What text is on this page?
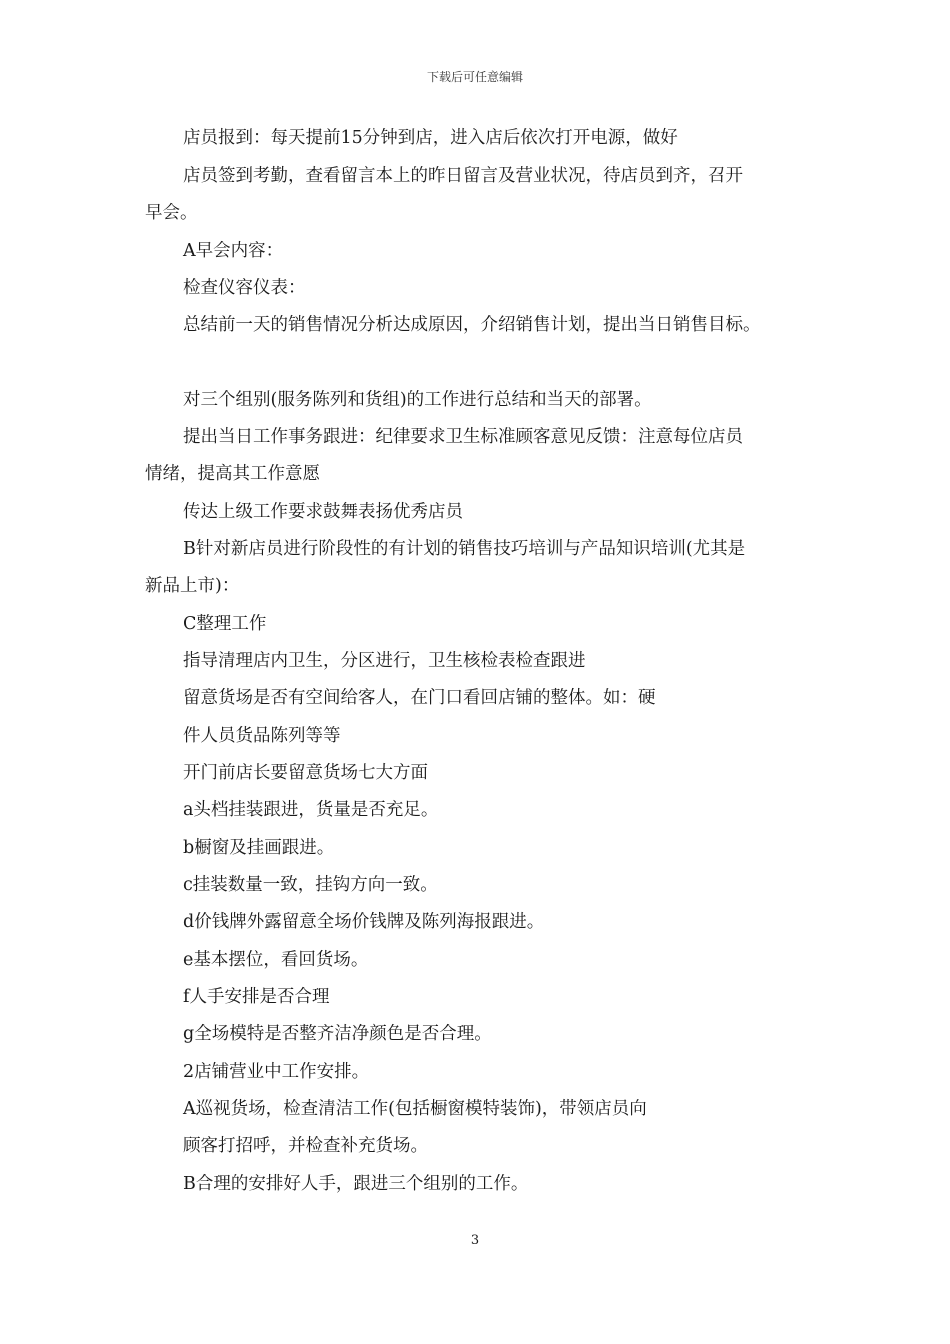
下载后可任意编辑
店员报到：每天提前15分钟到店，进入店后依次打开电源，做好
店员签到考勤，查看留言本上的昨日留言及营业状况，待店员到齐，召开
早会。
A早会内容：
检查仪容仪表：
总结前一天的销售情况分析达成原因，介绍销售计划，提出当日销售目标。
对三个组别(服务陈列和货组)的工作进行总结和当天的部署。
提出当日工作事务跟进：纪律要求卫生标准顾客意见反馈：注意每位店员
情绪，提高其工作意愿
传达上级工作要求鼓舞表扬优秀店员
B针对新店员进行阶段性的有计划的销售技巧培训与产品知识培训(尤其是
新品上市)：
C整理工作
指导清理店内卫生，分区进行，卫生核检表检查跟进
留意货场是否有空间给客人，在门口看回店铺的整体。如：硬
件人员货品陈列等等
开门前店长要留意货场七大方面
a头档挂装跟进，货量是否充足。
b橱窗及挂画跟进。
c挂装数量一致，挂钩方向一致。
d价钱牌外露留意全场价钱牌及陈列海报跟进。
e基本摆位，看回货场。
f人手安排是否合理
g全场模特是否整齐洁净颜色是否合理。
2店铺营业中工作安排。
A巡视货场，检查清洁工作(包括橱窗模特装饰)，带领店员向
顾客打招呼，并检查补充货场。
B合理的安排好人手，跟进三个组别的工作。
3
